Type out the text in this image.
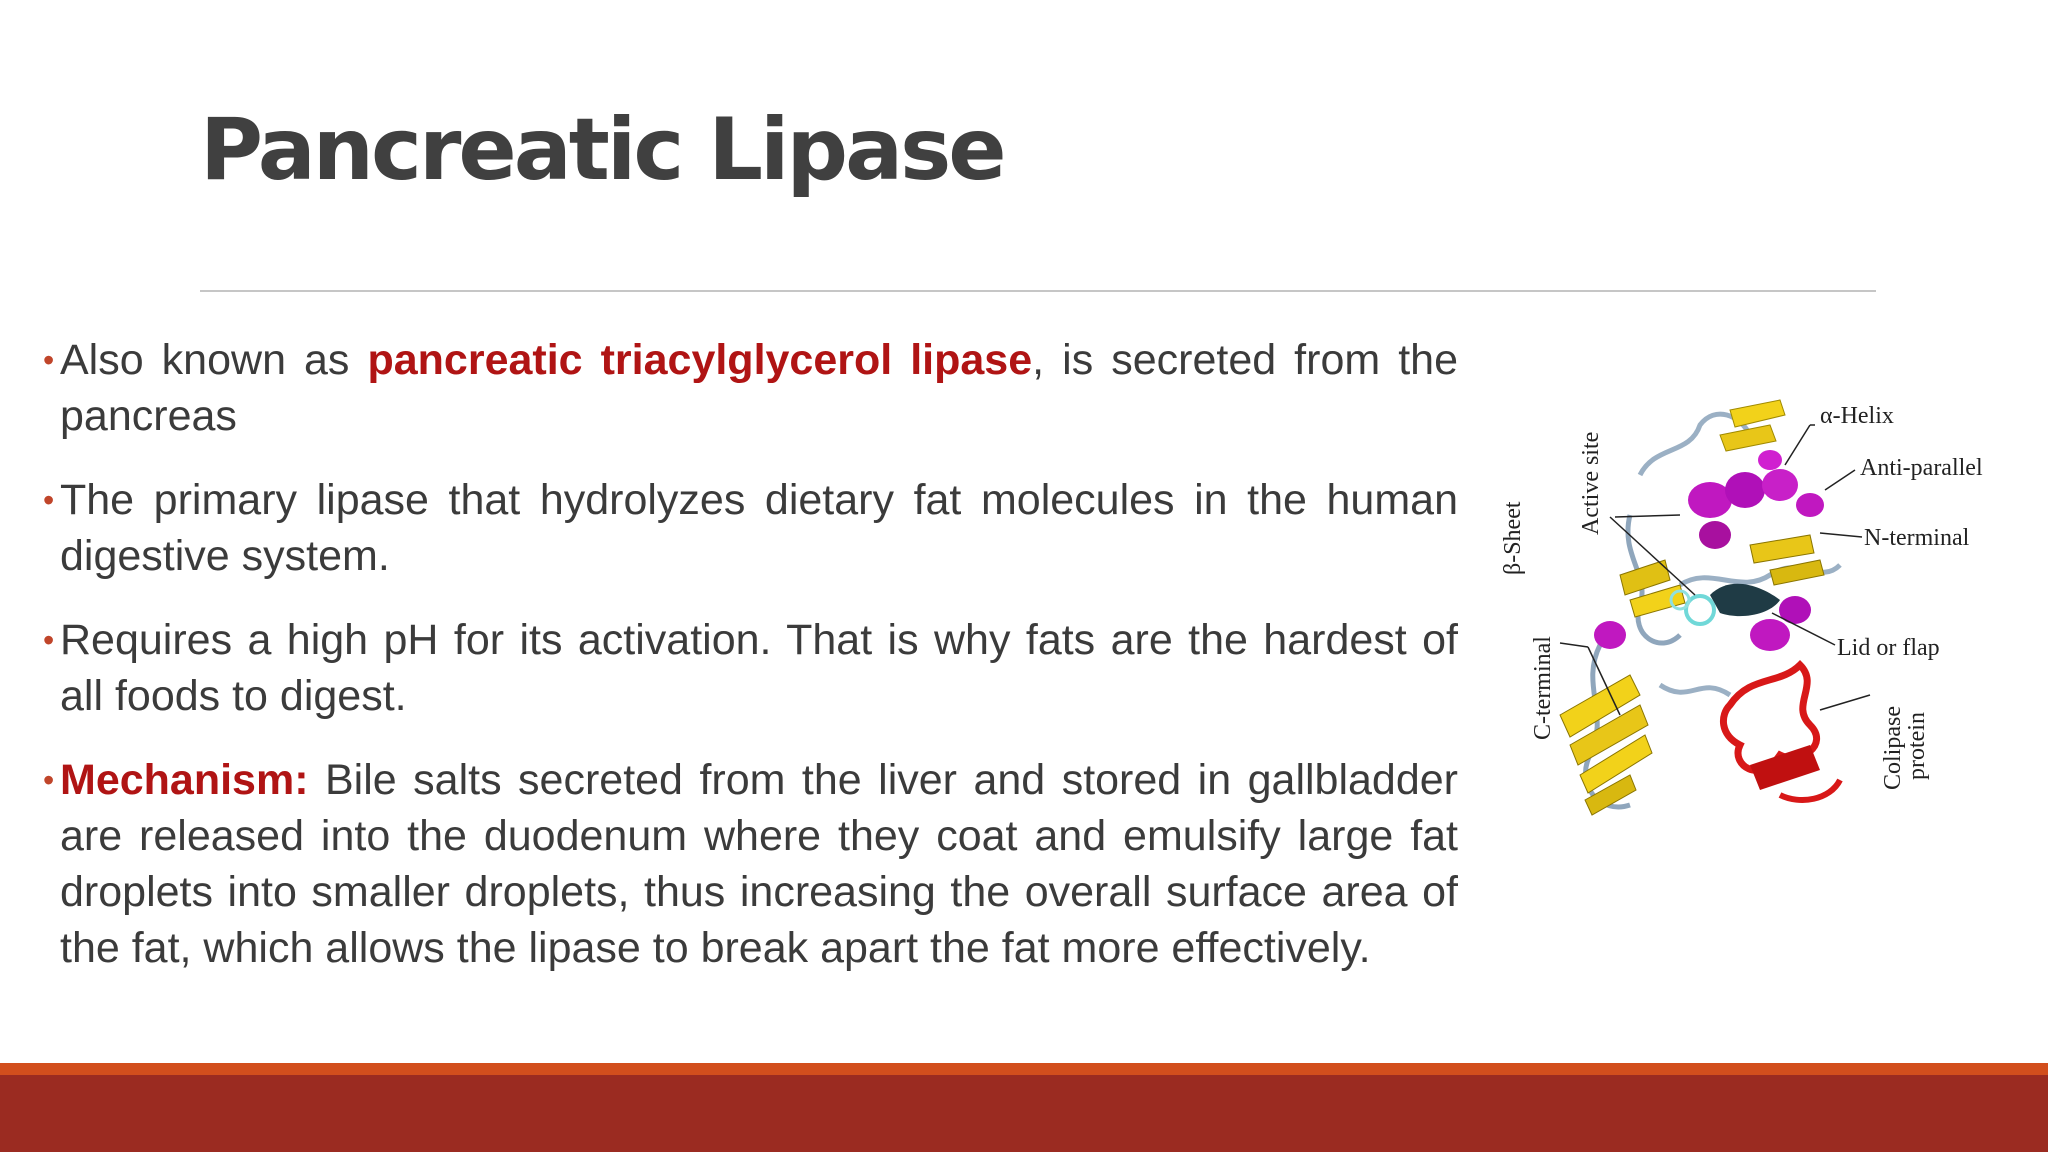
Pancreatic Lipase
• Also known as pancreatic triacylglycerol lipase, is secreted from the pancreas
• The primary lipase that hydrolyzes dietary fat molecules in the human digestive system.
• Requires a high pH for its activation. That is why fats are the hardest of all foods to digest.
• Mechanism: Bile salts secreted from the liver and stored in gallbladder are released into the duodenum where they coat and emulsify large fat droplets into smaller droplets, thus increasing the overall surface area of the fat, which allows the lipase to break apart the fat more effectively.
α-Helix
Anti-parallel
N-terminal
Lid or flap
Active site
β-Sheet
C-terminal
Colipase
protein
